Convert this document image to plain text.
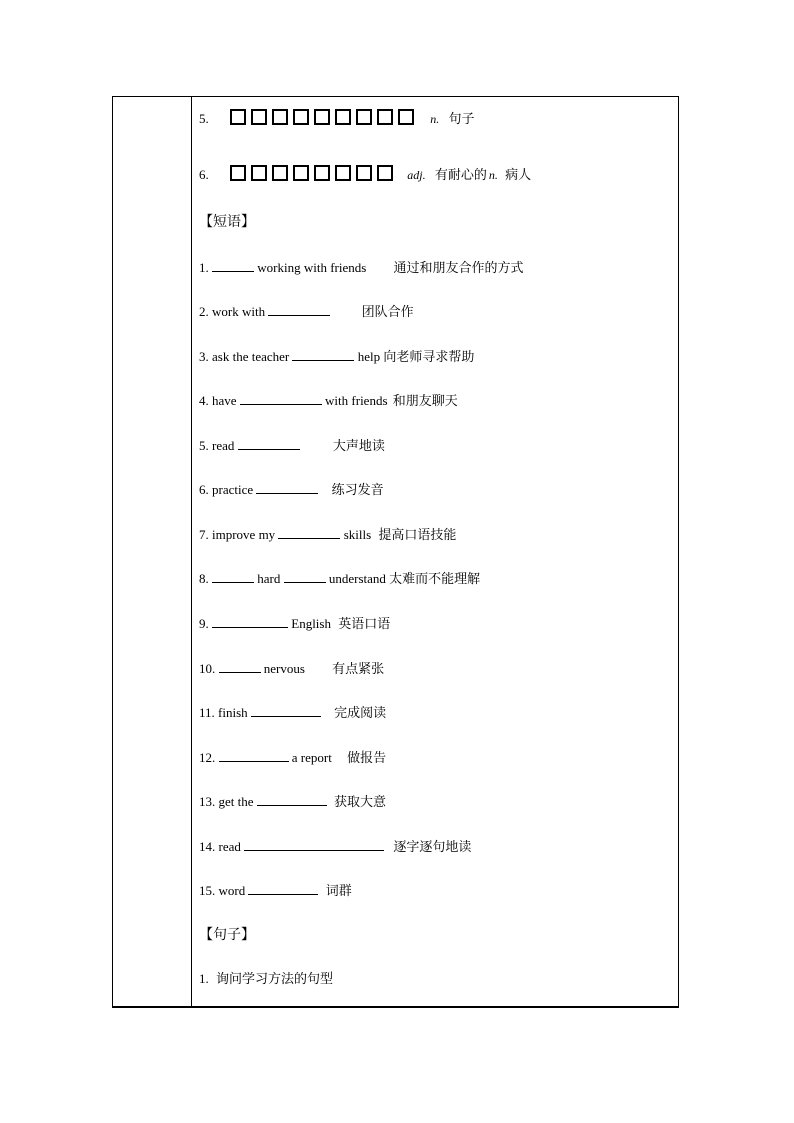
5.	n. 句子
6.	adj. 有耐心的 n. 病人
【短语】
1.	working with friends 通过和朋友合作的方式
2. work with	团队合作
3. ask the teacher	help 向老师寻求帮助
4. have	with friends 和朋友聊天
5. read	大声地读
6. practice	练习发音
7. improve my	skills 提高口语技能
8.	hard	understand 太难而不能理解
9.	English 英语口语
10.	nervous 有点紧张
11. finish	完成阅读
12.	a report 做报告
13. get the	获取大意
14. read	逐字逐句地读
15. word	词群
【句子】
1. 询问学习方法的句型
